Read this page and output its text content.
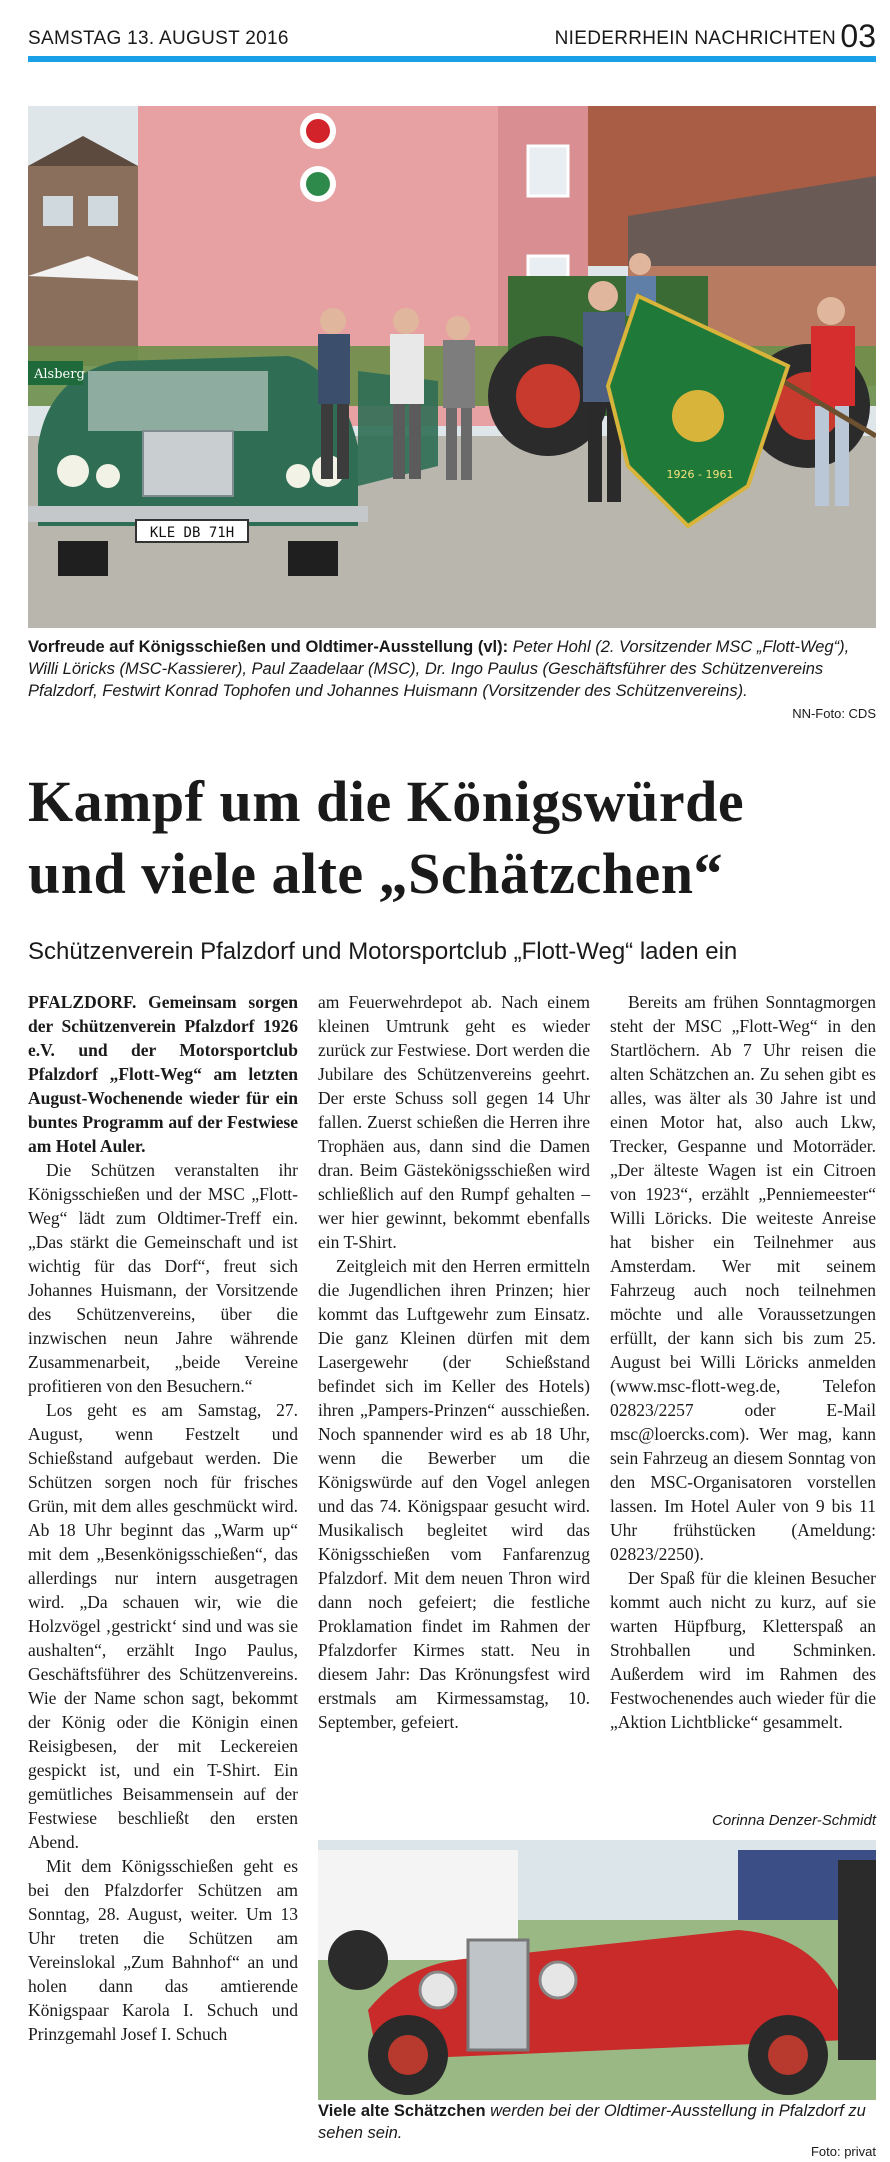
SAMSTAG 13. AUGUST 2016	NIEDERRHEIN NACHRICHTEN 03
KLE DB 71H
1926 - 1961
Alsberg
Vorfreude auf Königsschießen und Oldtimer-Ausstellung (vl): Peter Hohl (2. Vorsitzender MSC „Flott-Weg“), Willi Löricks (MSC-Kassierer), Paul Zaadelaar (MSC), Dr. Ingo Paulus (Geschäftsführer des Schützenvereins Pfalzdorf, Festwirt Konrad Tophofen und Johannes Huismann (Vorsitzender des Schützenvereins).
NN-Foto: CDS
Kampf um die Königswürde
und viele alte „Schätzchen“
Schützenverein Pfalzdorf und Motorsportclub „Flott-Weg“ laden ein

PFALZDORF. Gemeinsam sorgen der Schützenverein Pfalzdorf 1926 e.V. und der Motorsportclub Pfalzdorf „Flott-Weg“ am letzten August-Wochenende wieder für ein buntes Programm auf der Festwiese am Hotel Auler.

Die Schützen veranstalten ihr Königsschießen und der MSC „Flott-Weg“ lädt zum Oldtimer-Treff ein. „Das stärkt die Gemeinschaft und ist wichtig für das Dorf“, freut sich Johannes Huismann, der Vorsitzende des Schützenvereins, über die inzwischen neun Jahre währende Zusammenarbeit, „beide Vereine profitieren von den Besuchern.“

Los geht es am Samstag, 27. August, wenn Festzelt und Schießstand aufgebaut werden. Die Schützen sorgen noch für frisches Grün, mit dem alles geschmückt wird. Ab 18 Uhr beginnt das „Warm up“ mit dem „Besenkönigsschießen“, das allerdings nur intern ausgetragen wird. „Da schauen wir, wie die Holzvögel ‚gestrickt‘ sind und was sie aushalten“, erzählt Ingo Paulus, Geschäftsführer des Schützenvereins. Wie der Name schon sagt, bekommt der König oder die Königin einen Reisigbesen, der mit Leckereien gespickt ist, und ein T-Shirt. Ein gemütliches Beisammensein auf der Festwiese beschließt den ersten Abend.

Mit dem Königsschießen geht es bei den Pfalzdorfer Schützen am Sonntag, 28. August, weiter. Um 13 Uhr treten die Schützen am Vereinslokal „Zum Bahnhof“ an und holen dann das amtierende Königspaar Karola I. Schuch und Prinzgemahl Josef I. Schuch

am Feuerwehrdepot ab. Nach einem kleinen Umtrunk geht es wieder zurück zur Festwiese. Dort werden die Jubilare des Schützenvereins geehrt. Der erste Schuss soll gegen 14 Uhr fallen. Zuerst schießen die Herren ihre Trophäen aus, dann sind die Damen dran. Beim Gästekönigsschießen wird schließlich auf den Rumpf gehalten – wer hier gewinnt, bekommt ebenfalls ein T-Shirt.

Zeitgleich mit den Herren ermitteln die Jugendlichen ihren Prinzen; hier kommt das Luftgewehr zum Einsatz. Die ganz Kleinen dürfen mit dem Lasergewehr (der Schießstand befindet sich im Keller des Hotels) ihren „Pampers-Prinzen“ ausschießen. Noch spannender wird es ab 18 Uhr, wenn die Bewerber um die Königswürde auf den Vogel anlegen und das 74. Königspaar gesucht wird. Musikalisch begleitet wird das Königsschießen vom Fanfarenzug Pfalzdorf. Mit dem neuen Thron wird dann noch gefeiert; die festliche Proklamation findet im Rahmen der Pfalzdorfer Kirmes statt. Neu in diesem Jahr: Das Krönungsfest wird erstmals am Kirmessamstag, 10. September, gefeiert.

Bereits am frühen Sonntagmorgen steht der MSC „Flott-Weg“ in den Startlöchern. Ab 7 Uhr reisen die alten Schätzchen an. Zu sehen gibt es alles, was älter als 30 Jahre ist und einen Motor hat, also auch Lkw, Trecker, Gespanne und Motorräder. „Der älteste Wagen ist ein Citroen von 1923“, erzählt „Penniemeester“ Willi Löricks. Die weiteste Anreise hat bisher ein Teilnehmer aus Amsterdam. Wer mit seinem Fahrzeug auch noch teilnehmen möchte und alle Voraussetzungen erfüllt, der kann sich bis zum 25. August bei Willi Löricks anmelden (www.msc-flott-weg.de, Telefon 02823/2257 oder E-Mail msc@loercks.com). Wer mag, kann sein Fahrzeug an diesem Sonntag von den MSC-Organisatoren vorstellen lassen. Im Hotel Auler von 9 bis 11 Uhr frühstücken (Ameldung: 02823/2250).

Der Spaß für die kleinen Besucher kommt auch nicht zu kurz, auf sie warten Hüpfburg, Kletterspaß an Strohballen und Schminken. Außerdem wird im Rahmen des Festwochenendes auch wieder für die „Aktion Lichtblicke“ gesammelt.

Corinna Denzer-Schmidt
Viele alte Schätzchen werden bei der Oldtimer-Ausstellung in Pfalzdorf zu sehen sein.
Foto: privat
